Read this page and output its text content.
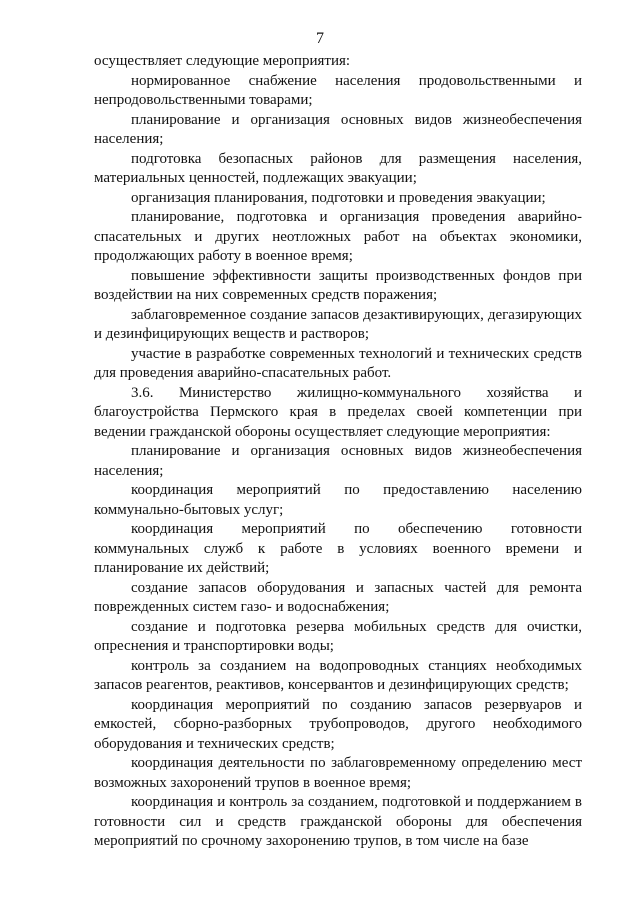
7

осуществляет следующие мероприятия:

нормированное снабжение населения продовольственными и непродовольственными товарами;

планирование и организация основных видов жизнеобеспечения населения;

подготовка безопасных районов для размещения населения, материальных ценностей, подлежащих эвакуации;

организация планирования, подготовки и проведения эвакуации;

планирование, подготовка и организация проведения аварийно-спасательных и других неотложных работ на объектах экономики, продолжающих работу в военное время;

повышение эффективности защиты производственных фондов при воздействии на них современных средств поражения;

заблаговременное создание запасов дезактивирующих, дегазирующих и дезинфицирующих веществ и растворов;

участие в разработке современных технологий и технических средств для проведения аварийно-спасательных работ.

3.6. Министерство жилищно-коммунального хозяйства и благоустройства Пермского края в пределах своей компетенции при ведении гражданской обороны осуществляет следующие мероприятия:

планирование и организация основных видов жизнеобеспечения населения;

координация мероприятий по предоставлению населению коммунально-бытовых услуг;

координация мероприятий по обеспечению готовности коммунальных служб к работе в условиях военного времени и планирование их действий;

создание запасов оборудования и запасных частей для ремонта поврежденных систем газо- и водоснабжения;

создание и подготовка резерва мобильных средств для очистки, опреснения и транспортировки воды;

контроль за созданием на водопроводных станциях необходимых запасов реагентов, реактивов, консервантов и дезинфицирующих средств;

координация мероприятий по созданию запасов резервуаров и емкостей, сборно-разборных трубопроводов, другого необходимого оборудования и технических средств;

координация деятельности по заблаговременному определению мест возможных захоронений трупов в военное время;

координация и контроль за созданием, подготовкой и поддержанием в готовности сил и средств гражданской обороны для обеспечения мероприятий по срочному захоронению трупов, в том числе на базе
